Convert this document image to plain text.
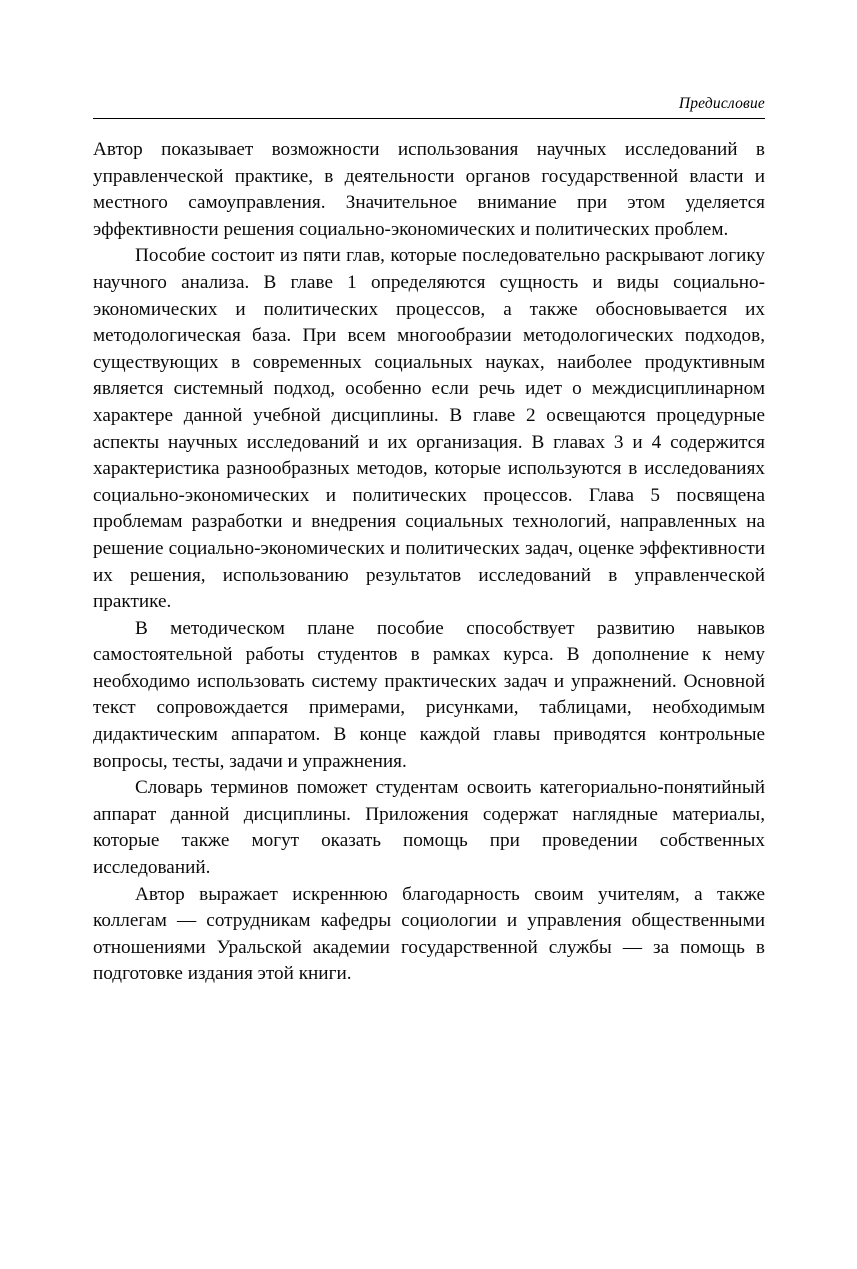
Предисловие

Автор показывает возможности использования научных исследований в управленческой практике, в деятельности органов государственной власти и местного самоуправления. Значительное внимание при этом уделяется эффективности решения социально-экономических и политических проблем.

Пособие состоит из пяти глав, которые последовательно раскрывают логику научного анализа. В главе 1 определяются сущность и виды социально-экономических и политических процессов, а также обосновывается их методологическая база. При всем многообразии методологических подходов, существующих в современных социальных науках, наиболее продуктивным является системный подход, особенно если речь идет о междисциплинарном характере данной учебной дисциплины. В главе 2 освещаются процедурные аспекты научных исследований и их организация. В главах 3 и 4 содержится характеристика разнообразных методов, которые используются в исследованиях социально-экономических и политических процессов. Глава 5 посвящена проблемам разработки и внедрения социальных технологий, направленных на решение социально-экономических и политических задач, оценке эффективности их решения, использованию результатов исследований в управленческой практике.

В методическом плане пособие способствует развитию навыков самостоятельной работы студентов в рамках курса. В дополнение к нему необходимо использовать систему практических задач и упражнений. Основной текст сопровождается примерами, рисунками, таблицами, необходимым дидактическим аппаратом. В конце каждой главы приводятся контрольные вопросы, тесты, задачи и упражнения.

Словарь терминов поможет студентам освоить категориально-понятийный аппарат данной дисциплины. Приложения содержат наглядные материалы, которые также могут оказать помощь при проведении собственных исследований.

Автор выражает искреннюю благодарность своим учителям, а также коллегам — сотрудникам кафедры социологии и управления общественными отношениями Уральской академии государственной службы — за помощь в подготовке издания этой книги.
